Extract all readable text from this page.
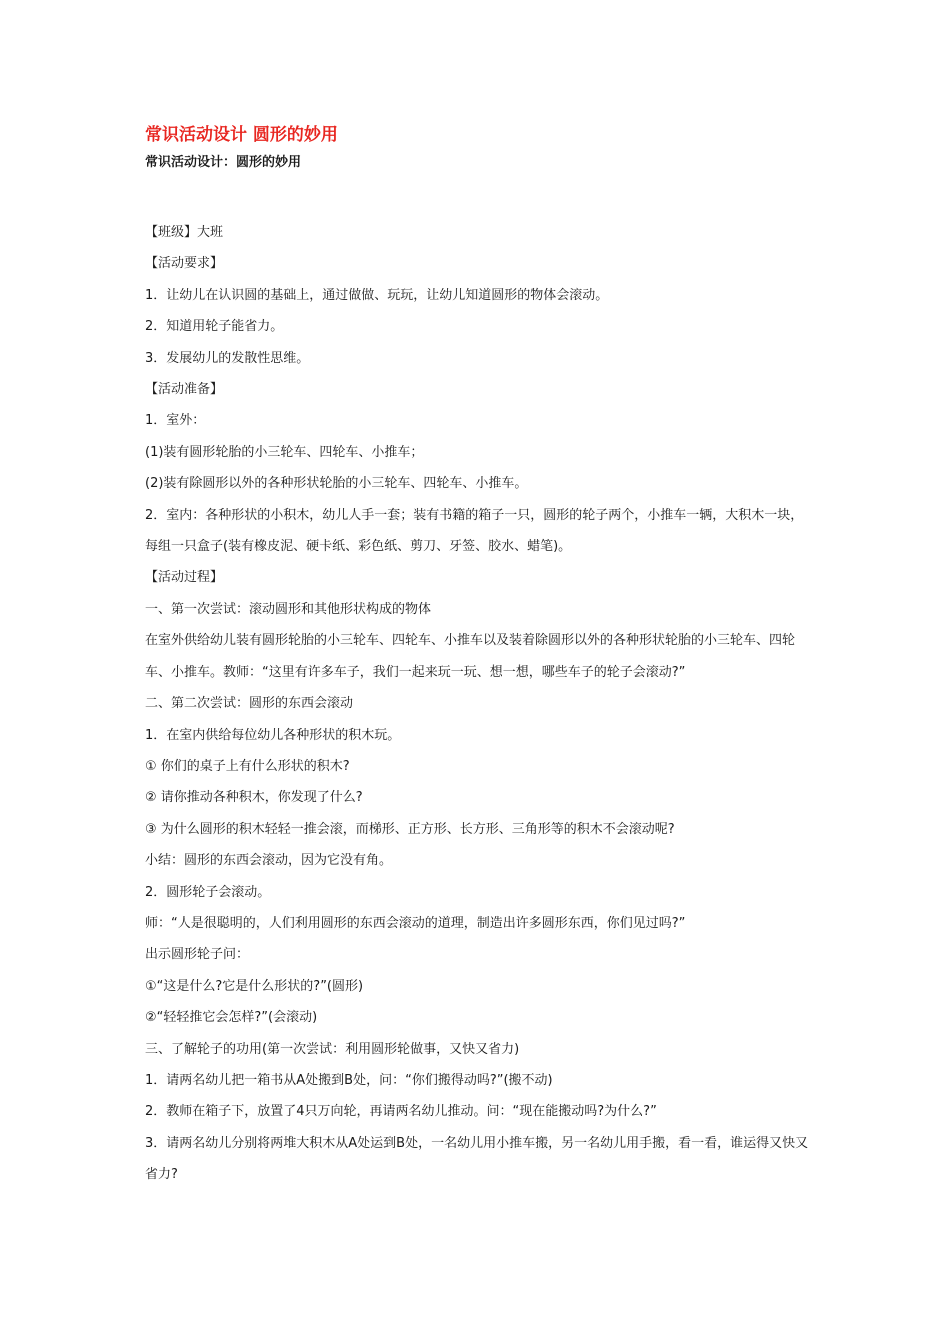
常识活动设计 圆形的妙用

常识活动设计：圆形的妙用

【班级】大班

【活动要求】

1．让幼儿在认识圆的基础上，通过做做、玩玩，让幼儿知道圆形的物体会滚动。

2．知道用轮子能省力。

3．发展幼儿的发散性思维。

【活动准备】

1．室外：

(1)装有圆形轮胎的小三轮车、四轮车、小推车；

(2)装有除圆形以外的各种形状轮胎的小三轮车、四轮车、小推车。

2．室内：各种形状的小积木，幼儿人手一套；装有书籍的箱子一只，圆形的轮子两个，小推车一辆，大积木一块，每组一只盒子(装有橡皮泥、硬卡纸、彩色纸、剪刀、牙签、胶水、蜡笔)。

【活动过程】

一、第一次尝试：滚动圆形和其他形状构成的物体

在室外供给幼儿装有圆形轮胎的小三轮车、四轮车、小推车以及装着除圆形以外的各种形状轮胎的小三轮车、四轮车、小推车。教师：“这里有许多车子，我们一起来玩一玩、想一想，哪些车子的轮子会滚动?”

二、第二次尝试：圆形的东西会滚动

1．在室内供给每位幼儿各种形状的积木玩。

① 你们的桌子上有什么形状的积木?

② 请你推动各种积木，你发现了什么?

③ 为什么圆形的积木轻轻一推会滚，而梯形、正方形、长方形、三角形等的积木不会滚动呢?

小结：圆形的东西会滚动，因为它没有角。

2．圆形轮子会滚动。

师：“人是很聪明的，人们利用圆形的东西会滚动的道理，制造出许多圆形东西，你们见过吗?”

出示圆形轮子问：

①“这是什么?它是什么形状的?”(圆形)

②“轻轻推它会怎样?”(会滚动)

三、了解轮子的功用(第一次尝试：利用圆形轮做事，又快又省力)

1．请两名幼儿把一箱书从A处搬到B处，问：“你们搬得动吗?”(搬不动)

2．教师在箱子下，放置了4只万向轮，再请两名幼儿推动。问：“现在能搬动吗?为什么?”

3．请两名幼儿分别将两堆大积木从A处运到B处，一名幼儿用小推车搬，另一名幼儿用手搬，看一看，谁运得又快又省力?
